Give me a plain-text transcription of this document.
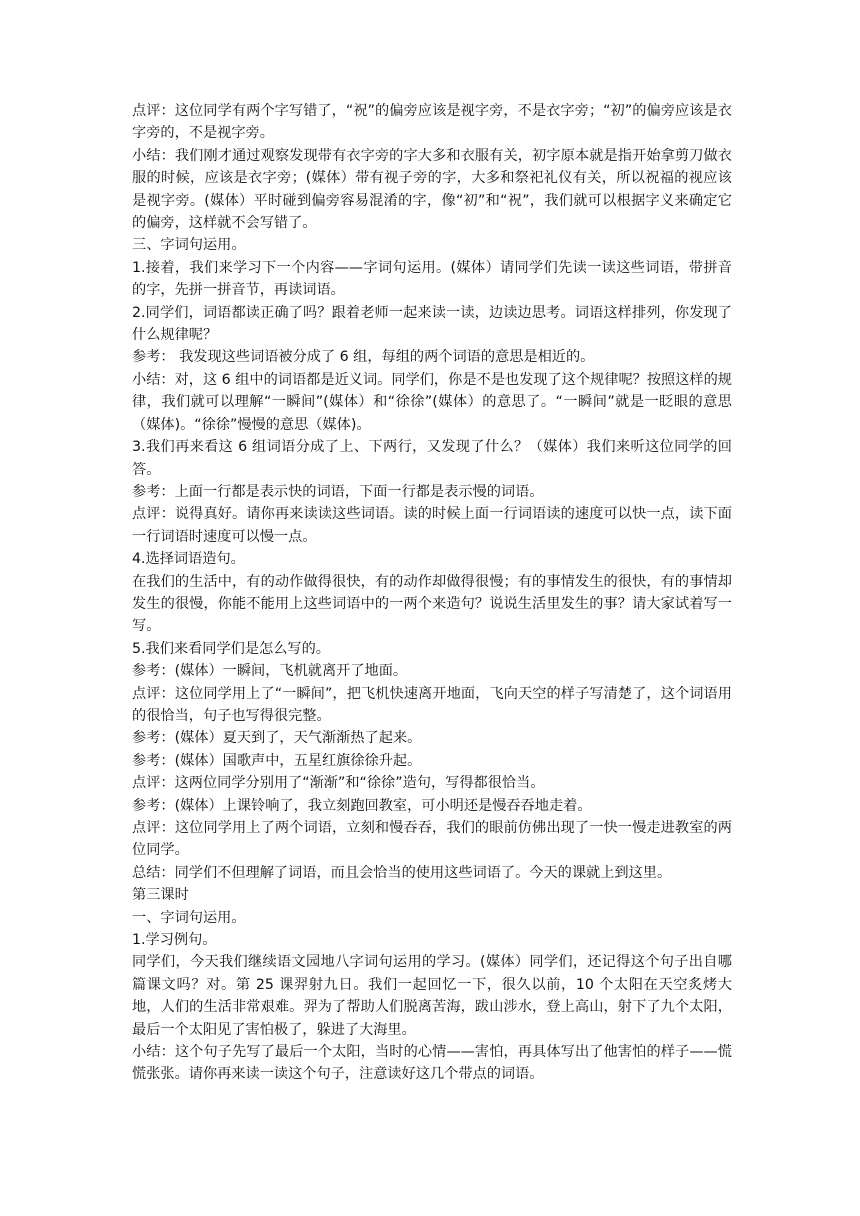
点评：这位同学有两个字写错了，“祝”的偏旁应该是视字旁，不是衣字旁；“初”的偏旁应该是衣字旁的，不是视字旁。

小结：我们刚才通过观察发现带有衣字旁的字大多和衣服有关，初字原本就是指开始拿剪刀做衣服的时候，应该是衣字旁；(媒体）带有视子旁的字，大多和祭祀礼仪有关，所以祝福的视应该是视字旁。(媒体）平时碰到偏旁容易混淆的字，像“初”和“祝”，我们就可以根据字义来确定它的偏旁，这样就不会写错了。

三、字词句运用。

1.接着，我们来学习下一个内容——字词句运用。(媒体）请同学们先读一读这些词语，带拼音的字，先拼一拼音节，再读词语。

2.同学们，词语都读正确了吗？跟着老师一起来读一读，边读边思考。词语这样排列，你发现了什么规律呢？

参考： 我发现这些词语被分成了 6 组，每组的两个词语的意思是相近的。

小结：对，这 6 组中的词语都是近义词。同学们，你是不是也发现了这个规律呢？按照这样的规律，我们就可以理解“一瞬间”(媒体）和“徐徐”(媒体）的意思了。“一瞬间”就是一眨眼的意思（媒体)。“徐徐”慢慢的意思（媒体)。

3.我们再来看这 6 组词语分成了上、下两行，又发现了什么？（媒体）我们来听这位同学的回答。

参考：上面一行都是表示快的词语，下面一行都是表示慢的词语。

点评：说得真好。请你再来读读这些词语。读的时候上面一行词语读的速度可以快一点，读下面一行词语时速度可以慢一点。

4.选择词语造句。

在我们的生活中，有的动作做得很快，有的动作却做得很慢；有的事情发生的很快，有的事情却发生的很慢，你能不能用上这些词语中的一两个来造句？说说生活里发生的事？请大家试着写一写。

5.我们来看同学们是怎么写的。

参考：(媒体）一瞬间，飞机就离开了地面。

点评：这位同学用上了“一瞬间”，把飞机快速离开地面，飞向天空的样子写清楚了，这个词语用的很恰当，句子也写得很完整。

参考：(媒体）夏天到了，天气渐渐热了起来。

参考：(媒体）国歌声中，五星红旗徐徐升起。

点评：这两位同学分别用了“渐渐”和“徐徐”造句，写得都很恰当。

参考：(媒体）上课铃响了，我立刻跑回教室，可小明还是慢吞吞地走着。

点评：这位同学用上了两个词语，立刻和慢吞吞，我们的眼前仿佛出现了一快一慢走进教室的两位同学。

总结：同学们不但理解了词语，而且会恰当的使用这些词语了。今天的课就上到这里。

第三课时

一、字词句运用。

1.学习例句。

同学们，今天我们继续语文园地八字词句运用的学习。(媒体）同学们，还记得这个句子出自哪篇课文吗？对。第 25 课羿射九日。我们一起回忆一下，很久以前，10 个太阳在天空炙烤大地，人们的生活非常艰难。羿为了帮助人们脱离苦海，跋山涉水，登上高山，射下了九个太阳，最后一个太阳见了害怕极了，躲进了大海里。

小结：这个句子先写了最后一个太阳，当时的心情——害怕，再具体写出了他害怕的样子——慌慌张张。请你再来读一读这个句子，注意读好这几个带点的词语。
